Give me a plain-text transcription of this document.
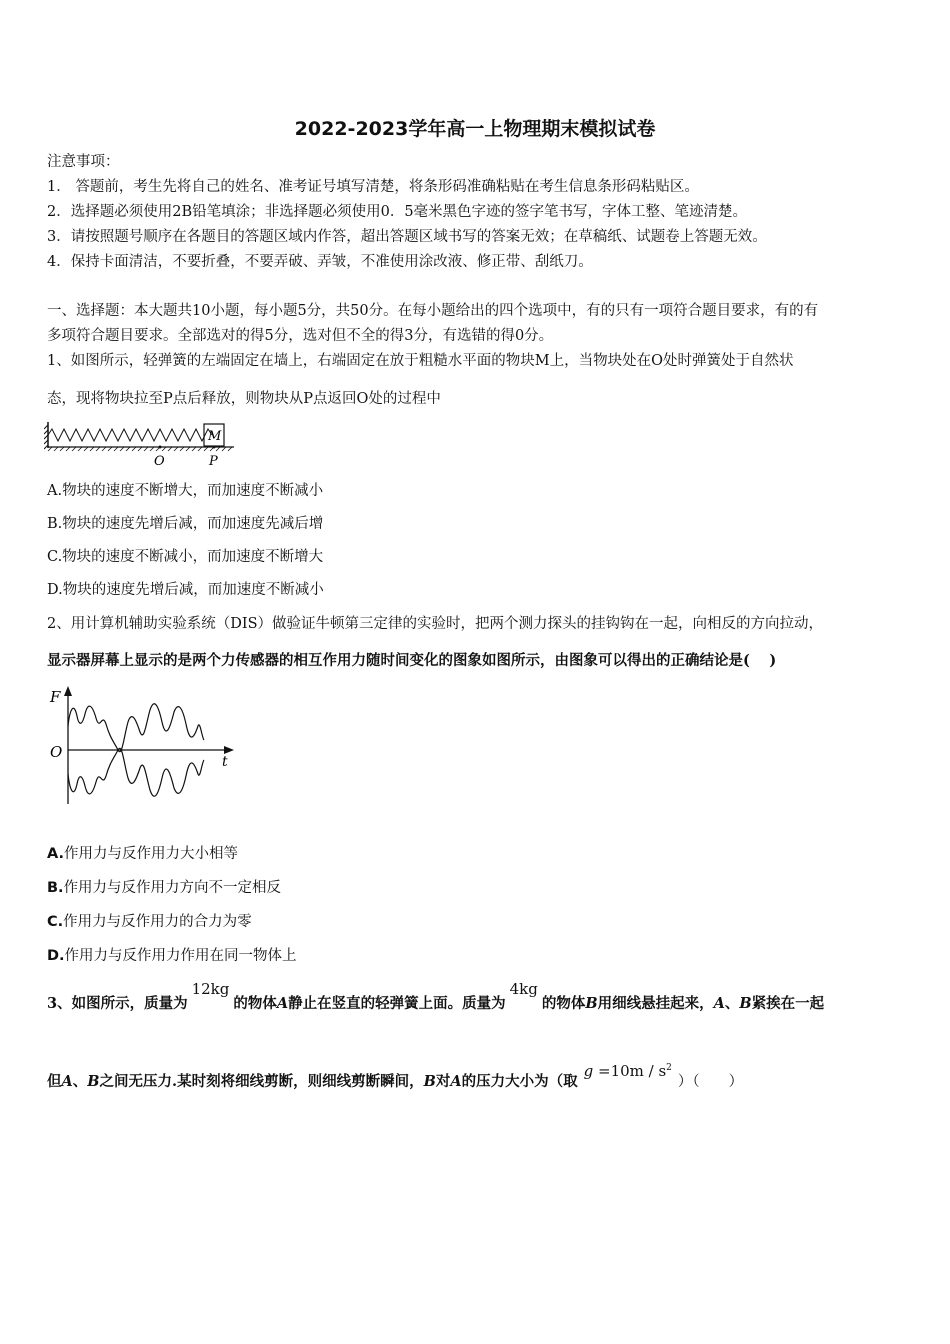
2022-2023学年高一上物理期末模拟试卷
注意事项：
1． 答题前，考生先将自己的姓名、准考证号填写清楚，将条形码准确粘贴在考生信息条形码粘贴区。
2．选择题必须使用2B铅笔填涂；非选择题必须使用0．5毫米黑色字迹的签字笔书写，字体工整、笔迹清楚。
3．请按照题号顺序在各题目的答题区域内作答，超出答题区域书写的答案无效；在草稿纸、试题卷上答题无效。
4．保持卡面清洁，不要折叠，不要弄破、弄皱，不准使用涂改液、修正带、刮纸刀。
一、选择题：本大题共10小题，每小题5分，共50分。在每小题给出的四个选项中，有的只有一项符合题目要求，有的有
多项符合题目要求。全部选对的得5分，选对但不全的得3分，有选错的得0分。
1、如图所示，轻弹簧的左端固定在墙上，右端固定在放于粗糙水平面的物块M上，当物块处在O处时弹簧处于自然状
态，现将物块拉至P点后释放，则物块从P点返回O处的过程中
M
O	P
A.物块的速度不断增大，而加速度不断减小
B.物块的速度先增后减，而加速度先减后增
C.物块的速度不断减小，而加速度不断增大
D.物块的速度先增后减，而加速度不断减小
2、用计算机辅助实验系统（DIS）做验证牛顿第三定律的实验时，把两个测力探头的挂钩钩在一起，向相反的方向拉动，
显示器屏幕上显示的是两个力传感器的相互作用力随时间变化的图象如图所示，由图象可以得出的正确结论是(　 )
F
O
t
A.作用力与反作用力大小相等
B.作用力与反作用力方向不一定相反
C.作用力与反作用力的合力为零
D.作用力与反作用力作用在同一物体上
3、如图所示，质量为12kg的物体A静止在竖直的轻弹簧上面。质量为4kg的物体B用细线悬挂起来，A、B紧挨在一起
但A、B之间无压力.某时刻将细线剪断，则细线剪断瞬间，B对A的压力大小为（取$g =10m / s^2$）（　　）
